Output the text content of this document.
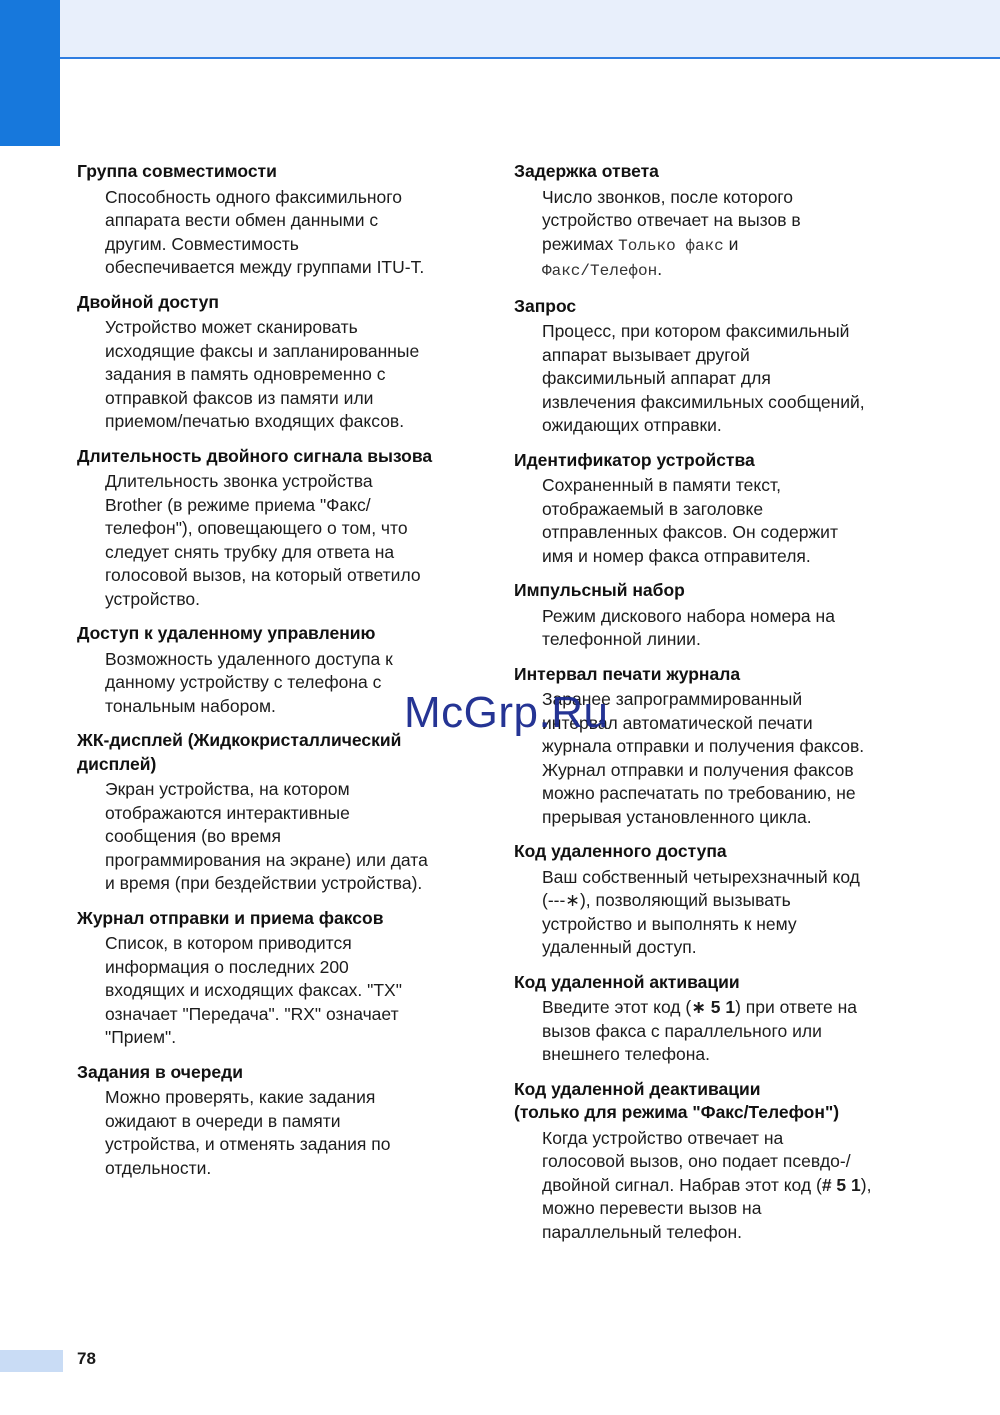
Группа совместимости
Способность одного факсимильного
аппарата вести обмен данными с
другим. Совместимость
обеспечивается между группами ITU-T.
Двойной доступ
Устройство может сканировать
исходящие факсы и запланированные
задания в память одновременно с
отправкой факсов из памяти или
приемом/печатью входящих факсов.
Длительность двойного сигнала вызова
Длительность звонка устройства
Brother (в режиме приема "Факс/
телефон"), оповещающего о том, что
следует снять трубку для ответа на
голосовой вызов, на который ответило
устройство.
Доступ к удаленному управлению
Возможность удаленного доступа к
данному устройству с телефона с
тональным набором.
ЖК-дисплей (Жидкокристаллический дисплей)
Экран устройства, на котором
отображаются интерактивные
сообщения (во время
программирования на экране) или дата
и время (при бездействии устройства).
Журнал отправки и приема факсов
Список, в котором приводится
информация о последних 200
входящих и исходящих факсах. "TX"
означает "Передача". "RX" означает
"Прием".
Задания в очереди
Можно проверять, какие задания
ожидают в очереди в памяти
устройства, и отменять задания по
отдельности.
Задержка ответа
Число звонков, после которого
устройство отвечает на вызов в
режимах Только факс и
Факс/Телефон.
Запрос
Процесс, при котором факсимильный
аппарат вызывает другой
факсимильный аппарат для
извлечения факсимильных сообщений,
ожидающих отправки.
Идентификатор устройства
Сохраненный в памяти текст,
отображаемый в заголовке
отправленных факсов. Он содержит
имя и номер факса отправителя.
Импульсный набор
Режим дискового набора номера на
телефонной линии.
Интервал печати журнала
Заранее запрограммированный
интервал автоматической печати
журнала отправки и получения факсов.
Журнал отправки и получения факсов
можно распечатать по требованию, не
прерывая установленного цикла.
Код удаленного доступа
Ваш собственный четырехзначный код
(---∗), позволяющий вызывать
устройство и выполнять к нему
удаленный доступ.
Код удаленной активации
Введите этот код (∗ 5 1) при ответе на
вызов факса с параллельного или
внешнего телефона.
Код удаленной деактивации
(только для режима "Факс/Телефон")
Когда устройство отвечает на
голосовой вызов, оно подает псевдо-/
двойной сигнал. Набрав этот код (# 5 1),
можно перевести вызов на
параллельный телефон.
McGrp.Ru
78
